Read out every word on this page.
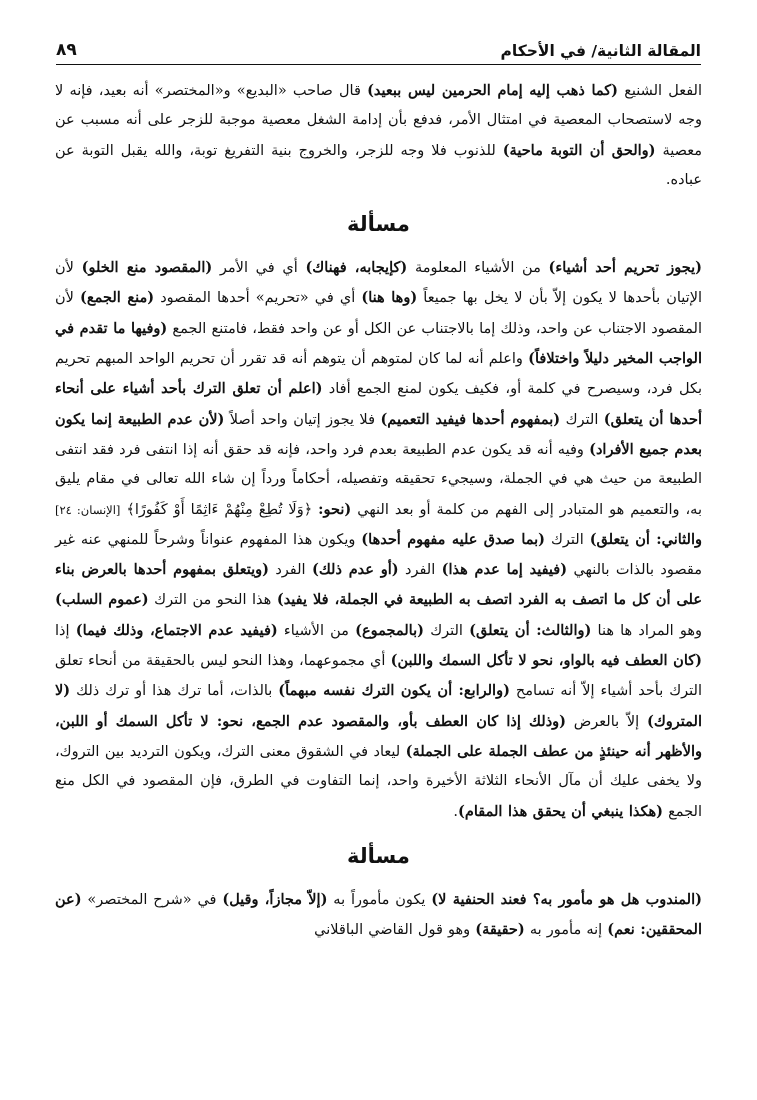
المقالة الثانية/ في الأحكام
٨٩

الفعل الشنيع (كما ذهب إليه إمام الحرمين ليس ببعيد) قال صاحب «البديع» و«المختصر» أنه بعيد، فإنه لا وجه لاستصحاب المعصية في امتثال الأمر، فدفع بأن إدامة الشغل معصية موجبة للزجر على أنه مسبب عن معصية (والحق أن التوبة ماحية) للذنوب فلا وجه للزجر، والخروج بنية التفريغ توبة، والله يقبل التوبة عن عباده.

مسألة

(يجوز تحريم أحد أشياء) من الأشياء المعلومة (كإيجابه، فهناك) أي في الأمر (المقصود منع الخلو) لأن الإتيان بأحدها لا يكون إلاّ بأن لا يخل بها جميعاً (وها هنا) أي في «تحريم» أحدها المقصود (منع الجمع) لأن المقصود الاجتناب عن واحد، وذلك إما بالاجتناب عن الكل أو عن واحد فقط، فامتنع الجمع (وفيها ما تقدم في الواجب المخير دليلاً واختلافاً) واعلم أنه لما كان لمتوهم أن يتوهم أنه قد تقرر أن تحريم الواحد المبهم تحريم بكل فرد، وسيصرح في كلمة أو، فكيف يكون لمنع الجمع أفاد (اعلم أن تعلق الترك بأحد أشياء على أنحاء أحدها أن يتعلق) الترك (بمفهوم أحدها فيفيد التعميم) فلا يجوز إتيان واحد أصلاً (لأن عدم الطبيعة إنما يكون بعدم جميع الأفراد) وفيه أنه قد يكون عدم الطبيعة بعدم فرد واحد، فإنه قد حقق أنه إذا انتفى فرد فقد انتفى الطبيعة من حيث هي في الجملة، وسيجيء تحقيقه وتفصيله، أحكاماً ورداً إن شاء الله تعالى في مقام يليق به، والتعميم هو المتبادر إلى الفهم من كلمة أو بعد النهي (نحو: ﴿وَلَا تُطِعْ مِنْهُمْ ءَاثِمًا أَوْ كَفُورًا﴾ [الإنسان: ٢٤] والثاني: أن يتعلق) الترك (بما صدق عليه مفهوم أحدها) ويكون هذا المفهوم عنواناً وشرحاً للمنهي عنه غير مقصود بالذات بالنهي (فيفيد إما عدم هذا) الفرد (أو عدم ذلك) الفرد (ويتعلق بمفهوم أحدها بالعرض بناء على أن كل ما اتصف به الفرد اتصف به الطبيعة في الجملة، فلا يفيد) هذا النحو من الترك (عموم السلب) وهو المراد ها هنا (والثالث: أن يتعلق) الترك (بالمجموع) من الأشياء (فيفيد عدم الاجتماع، وذلك فيما) إذا (كان العطف فيه بالواو، نحو لا تأكل السمك واللبن) أي مجموعهما، وهذا النحو ليس بالحقيقة من أنحاء تعلق الترك بأحد أشياء إلاّ أنه تسامح (والرابع: أن يكون الترك نفسه مبهماً) بالذات، أما ترك هذا أو ترك ذلك (لا المتروك) إلاّ بالعرض (وذلك إذا كان العطف بأو، والمقصود عدم الجمع، نحو: لا تأكل السمك أو اللبن، والأظهر أنه حينئذٍ من عطف الجملة على الجملة) ليعاد في الشقوق معنى الترك، ويكون الترديد بين التروك، ولا يخفى عليك أن مآل الأنحاء الثلاثة الأخيرة واحد، إنما التفاوت في الطرق، فإن المقصود في الكل منع الجمع (هكذا ينبغي أن يحقق هذا المقام).

مسألة

(المندوب هل هو مأمور به؟ فعند الحنفية لا) يكون مأموراً به (إلاّ مجازاً، وقيل) في «شرح المختصر» (عن المحققين: نعم) إنه مأمور به (حقيقة) وهو قول القاضي الباقلاني
